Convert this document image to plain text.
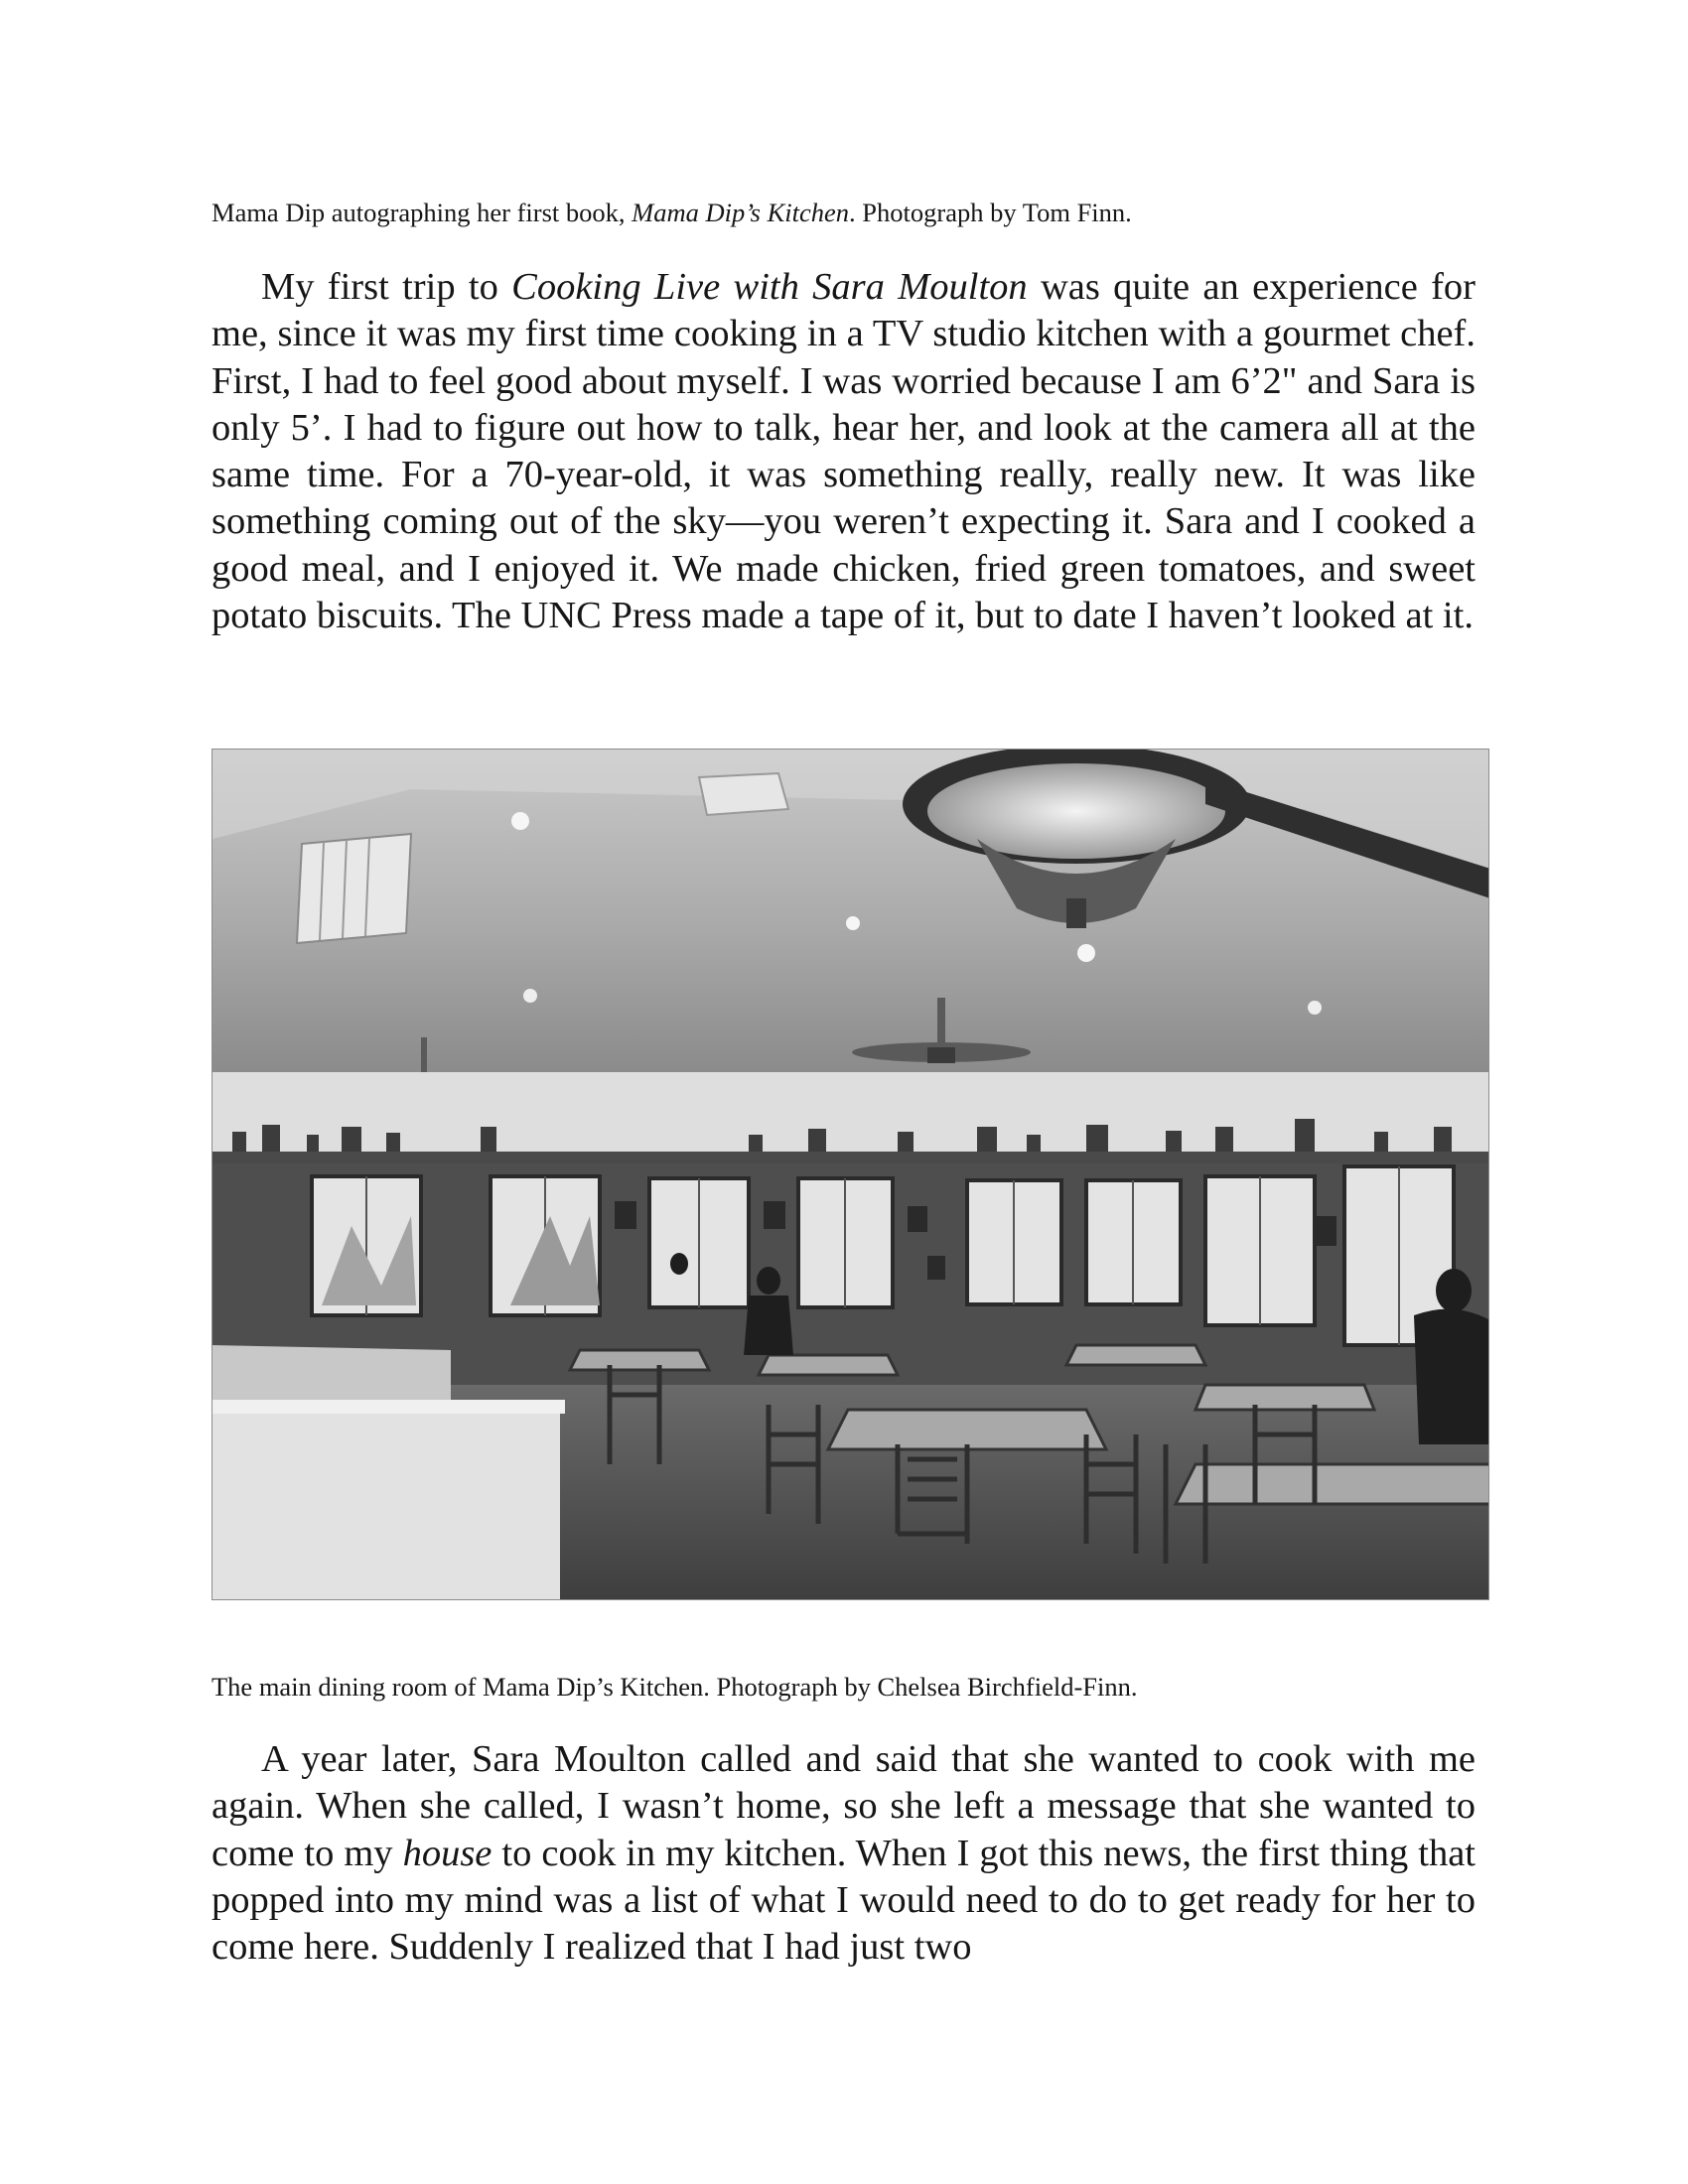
Mama Dip autographing her first book, Mama Dip’s Kitchen. Photograph by Tom Finn.

My first trip to Cooking Live with Sara Moulton was quite an experience for me, since it was my first time cooking in a TV studio kitchen with a gourmet chef. First, I had to feel good about myself. I was worried because I am 6’2" and Sara is only 5’. I had to figure out how to talk, hear her, and look at the camera all at the same time. For a 70-year-old, it was something really, really new. It was like something coming out of the sky—you weren’t expecting it. Sara and I cooked a good meal, and I enjoyed it. We made chicken, fried green tomatoes, and sweet potato biscuits. The UNC Press made a tape of it, but to date I haven’t looked at it.

The main dining room of Mama Dip’s Kitchen. Photograph by Chelsea Birchfield-Finn.

A year later, Sara Moulton called and said that she wanted to cook with me again. When she called, I wasn’t home, so she left a message that she wanted to come to my house to cook in my kitchen. When I got this news, the first thing that popped into my mind was a list of what I would need to do to get ready for her to come here. Suddenly I realized that I had just two
